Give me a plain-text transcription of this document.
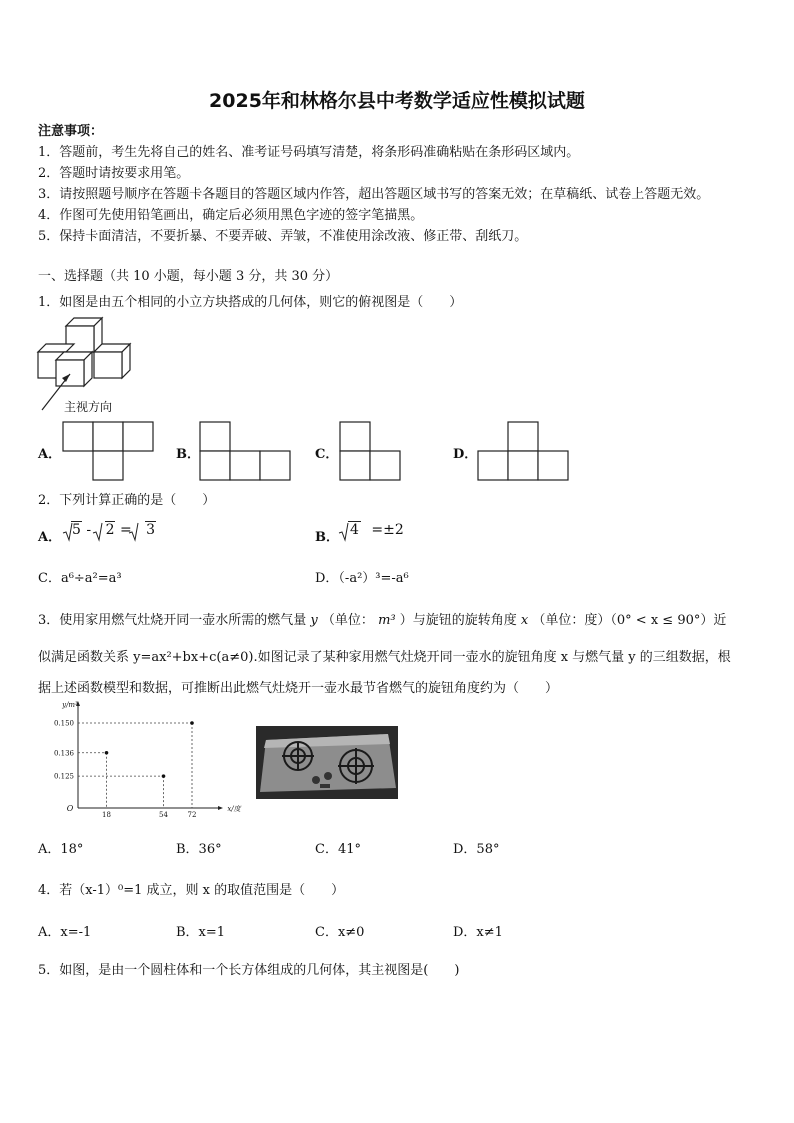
2025年和林格尔县中考数学适应性模拟试题
注意事项：
1．答题前，考生先将自己的姓名、准考证号码填写清楚，将条形码准确粘贴在条形码区域内。
2．答题时请按要求用笔。
3．请按照题号顺序在答题卡各题目的答题区域内作答，超出答题区域书写的答案无效；在草稿纸、试卷上答题无效。
4．作图可先使用铅笔画出，确定后必须用黑色字迹的签字笔描黑。
5．保持卡面清洁，不要折暴、不要弄破、弄皱，不准使用涂改液、修正带、刮纸刀。
一、选择题（共 10 小题，每小题 3 分，共 30 分）
1．如图是由五个相同的小立方块搭成的几何体，则它的俯视图是（　　）
主视方向
A．	B．	C．	D．
2．下列计算正确的是（　　）
A． 5 - 2 = 3	B． 4 =±2
C．a⁶÷a²=a³	D．（-a²）³=-a⁶
3．使用家用燃气灶烧开同一壶水所需的燃气量 y （单位： m³ ）与旋钮的旋转角度 x （单位：度）（0° < x ≤ 90°）近
似满足函数关系 y=ax²+bx+c(a≠0).如图记录了某种家用燃气灶烧开同一壶水的旋钮角度 x 与燃气量 y 的三组数据，根
据上述函数模型和数据，可推断出此燃气灶烧开一壶水最节省燃气的旋钮角度约为（　　）
y/m³
x/度
O
18	54	72
0.150
0.136
0.125
A．18°	B．36°	C．41°	D．58°
4．若（x-1）⁰=1 成立，则 x 的取值范围是（　　）
A．x=-1	B．x=1	C．x≠0	D．x≠1
5．如图，是由一个圆柱体和一个长方体组成的几何体，其主视图是(　　)
